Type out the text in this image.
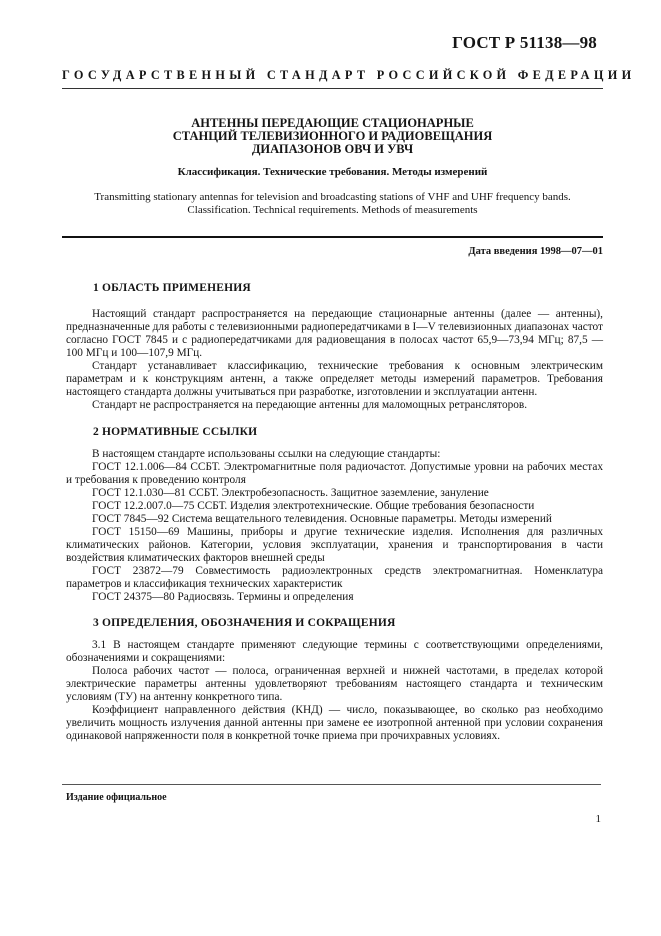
ГОСТ Р 51138—98
ГОСУДАРСТВЕННЫЙ СТАНДАРТ РОССИЙСКОЙ ФЕДЕРАЦИИ
АНТЕННЫ ПЕРЕДАЮЩИЕ СТАЦИОНАРНЫЕ
СТАНЦИЙ ТЕЛЕВИЗИОННОГО И РАДИОВЕЩАНИЯ
ДИАПАЗОНОВ ОВЧ И УВЧ
Классификация. Технические требования. Методы измерений
Transmitting stationary antennas for television and broadcasting stations of VHF and UHF frequency bands.
Classification. Technical requirements. Methods of measurements
Дата введения 1998—07—01
1 ОБЛАСТЬ ПРИМЕНЕНИЯ

Настоящий стандарт распространяется на передающие стационарные антенны (далее — антенны), предназначенные для работы с телевизионными радиопередатчиками в I—V телевизионных диапазонах частот согласно ГОСТ 7845 и с радиопередатчиками для радиовещания в полосах частот 65,9—73,94 МГц; 87,5 — 100 МГц и 100—107,9 МГц.

Стандарт устанавливает классификацию, технические требования к основным электрическим параметрам и к конструкциям антенн, а также определяет методы измерений параметров. Требования настоящего стандарта должны учитываться при разработке, изготовлении и эксплуатации антенн.

Стандарт не распространяется на передающие антенны для маломощных ретрансляторов.

2 НОРМАТИВНЫЕ ССЫЛКИ

В настоящем стандарте использованы ссылки на следующие стандарты:

ГОСТ 12.1.006—84 ССБТ. Электромагнитные поля радиочастот. Допустимые уровни на рабочих местах и требования к проведению контроля

ГОСТ 12.1.030—81 ССБТ. Электробезопасность. Защитное заземление, зануление

ГОСТ 12.2.007.0—75 ССБТ. Изделия электротехнические. Общие требования безопасности

ГОСТ 7845—92 Система вещательного телевидения. Основные параметры. Методы измерений

ГОСТ 15150—69 Машины, приборы и другие технические изделия. Исполнения для различных климатических районов. Категории, условия эксплуатации, хранения и транспортирования в части воздействия климатических факторов внешней среды

ГОСТ 23872—79 Совместимость радиоэлектронных средств электромагнитная. Номенклатура параметров и классификация технических характеристик

ГОСТ 24375—80 Радиосвязь. Термины и определения

3 ОПРЕДЕЛЕНИЯ, ОБОЗНАЧЕНИЯ И СОКРАЩЕНИЯ

3.1 В настоящем стандарте применяют следующие термины с соответствующими определениями, обозначениями и сокращениями:

Полоса рабочих частот — полоса, ограниченная верхней и нижней частотами, в пределах которой электрические параметры антенны удовлетворяют требованиям настоящего стандарта и техническим условиям (ТУ) на антенну конкретного типа.

Коэффициент направленного действия (КНД) — число, показывающее, во сколько раз необходимо увеличить мощность излучения данной антенны при замене ее изотропной антенной при условии сохранения одинаковой напряженности поля в конкретной точке приема при прочихравных условиях.

Издание официальное
1
